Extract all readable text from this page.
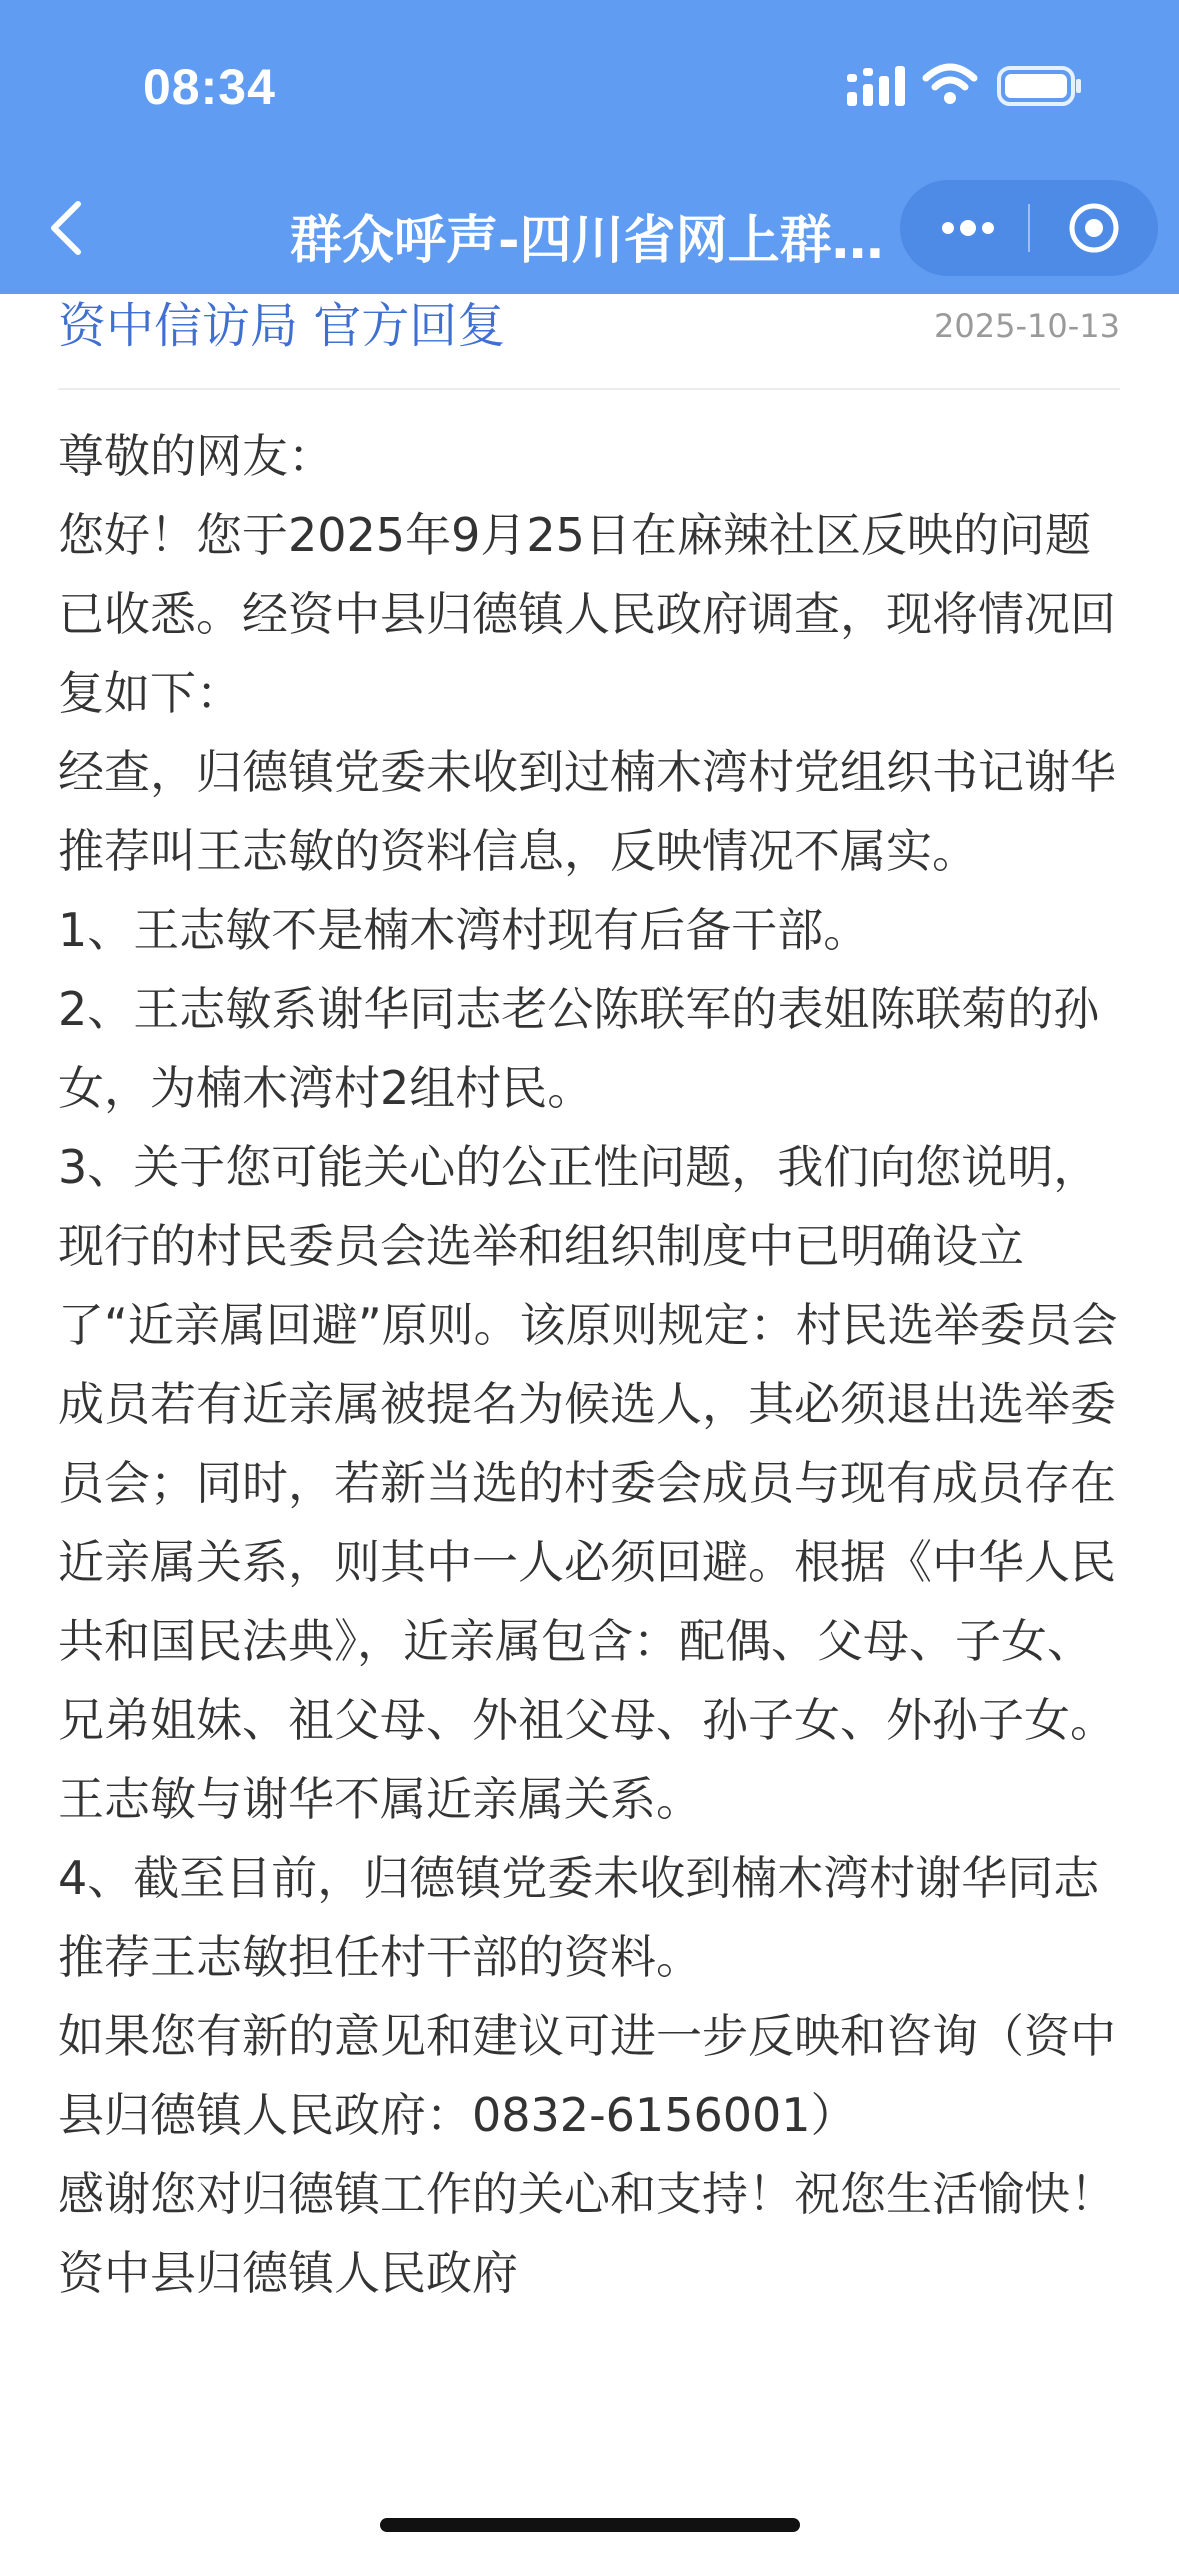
08:34
群众呼声-四川省网上群…
资中信访局 官方回复	2025-10-13

尊敬的网友：

您好！您于2025年9月25日在麻辣社区反映的问题已收悉。经资中县归德镇人民政府调查，现将情况回复如下：

经查，归德镇党委未收到过楠木湾村党组织书记谢华推荐叫王志敏的资料信息，反映情况不属实。

1、王志敏不是楠木湾村现有后备干部。

2、王志敏系谢华同志老公陈联军的表姐陈联菊的孙女，为楠木湾村2组村民。

3、关于您可能关心的公正性问题，我们向您说明，现行的村民委员会选举和组织制度中已明确设立了“近亲属回避”原则。该原则规定：村民选举委员会成员若有近亲属被提名为候选人，其必须退出选举委员会；同时，若新当选的村委会成员与现有成员存在近亲属关系，则其中一人必须回避。根据《中华人民共和国民法典》，近亲属包含：配偶、父母、子女、兄弟姐妹、祖父母、外祖父母、孙子女、外孙子女。王志敏与谢华不属近亲属关系。

4、截至目前，归德镇党委未收到楠木湾村谢华同志推荐王志敏担任村干部的资料。

如果您有新的意见和建议可进一步反映和咨询（资中县归德镇人民政府：0832-6156001）

感谢您对归德镇工作的关心和支持！祝您生活愉快！

资中县归德镇人民政府
